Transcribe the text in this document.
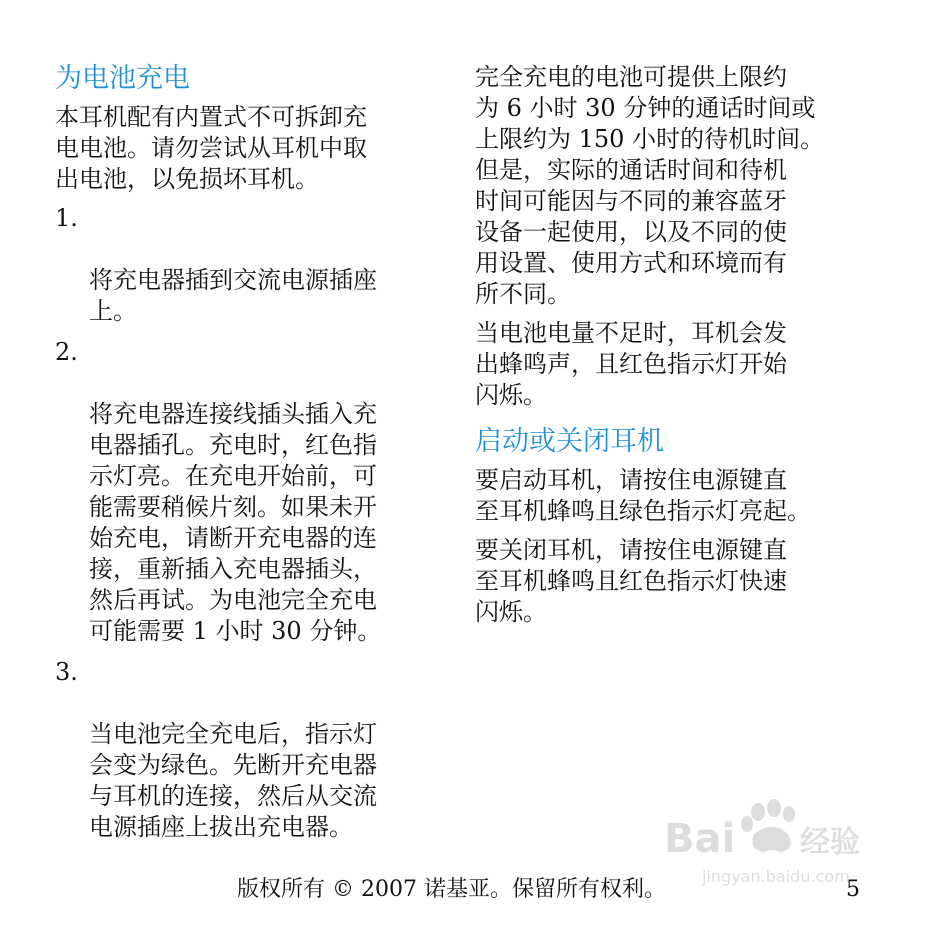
为电池充电

本耳机配有内置式不可拆卸充
电电池。请勿尝试从耳机中取
出电池，以免损坏耳机。

1.

将充电器插到交流电源插座
上。

2.

将充电器连接线插头插入充
电器插孔。充电时，红色指
示灯亮。在充电开始前，可
能需要稍候片刻。如果未开
始充电，请断开充电器的连
接，重新插入充电器插头，
然后再试。为电池完全充电
可能需要 1 小时 30 分钟。

3.

当电池完全充电后，指示灯
会变为绿色。先断开充电器
与耳机的连接，然后从交流
电源插座上拔出充电器。

完全充电的电池可提供上限约
为 6 小时 30 分钟的通话时间或
上限约为 150 小时的待机时间。
但是，实际的通话时间和待机
时间可能因与不同的兼容蓝牙
设备一起使用，以及不同的使
用设置、使用方式和环境而有
所不同。

当电池电量不足时，耳机会发
出蜂鸣声，且红色指示灯开始
闪烁。

启动或关闭耳机

要启动耳机，请按住电源键直
至耳机蜂鸣且绿色指示灯亮起。

要关闭耳机，请按住电源键直
至耳机蜂鸣且红色指示灯快速
闪烁。

Bai 经验
jingyan.baidu.com
版权所有 © 2007 诺基亚。保留所有权利。	5
